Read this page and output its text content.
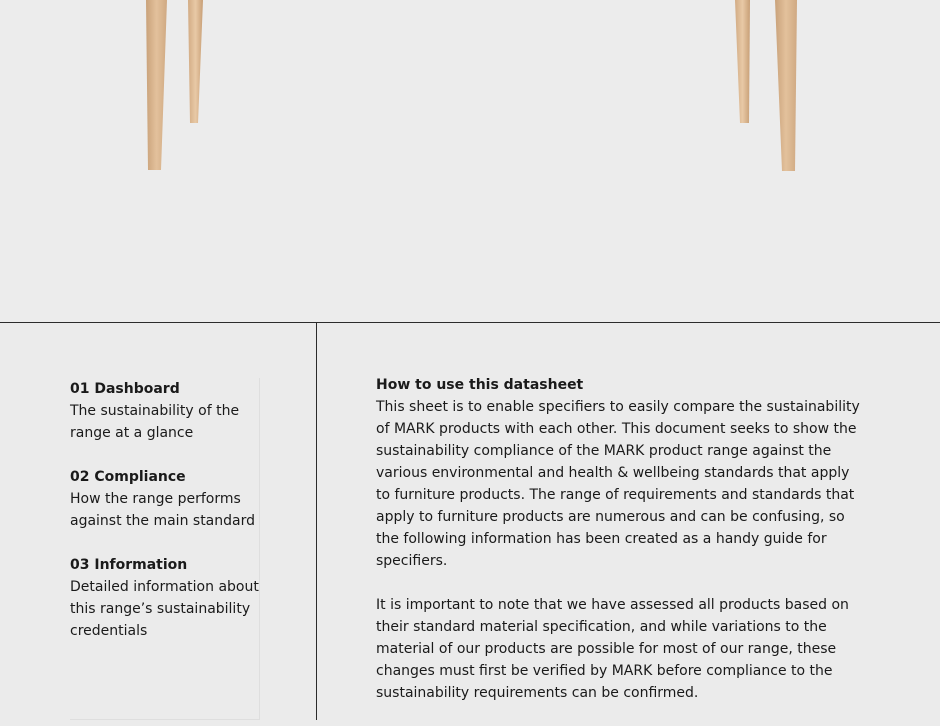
01 Dashboard

The sustainability of the range at a glance

02 Compliance

How the range performs against the main standard

03 Information

Detailed information about this range’s sustainability credentials

How to use this datasheet

This sheet is to enable specifiers to easily compare the sustainability of MARK products with each other. This document seeks to show the sustainability compliance of the MARK product range against the various environmental and health & wellbeing standards that apply to furniture products. The range of requirements and standards that apply to furniture products are numerous and can be confusing, so the following information has been created as a handy guide for specifiers.

It is important to note that we have assessed all products based on their standard material specification, and while variations to the material of our products are possible for most of our range, these changes must first be verified by MARK before compliance to the sustainability requirements can be confirmed.
